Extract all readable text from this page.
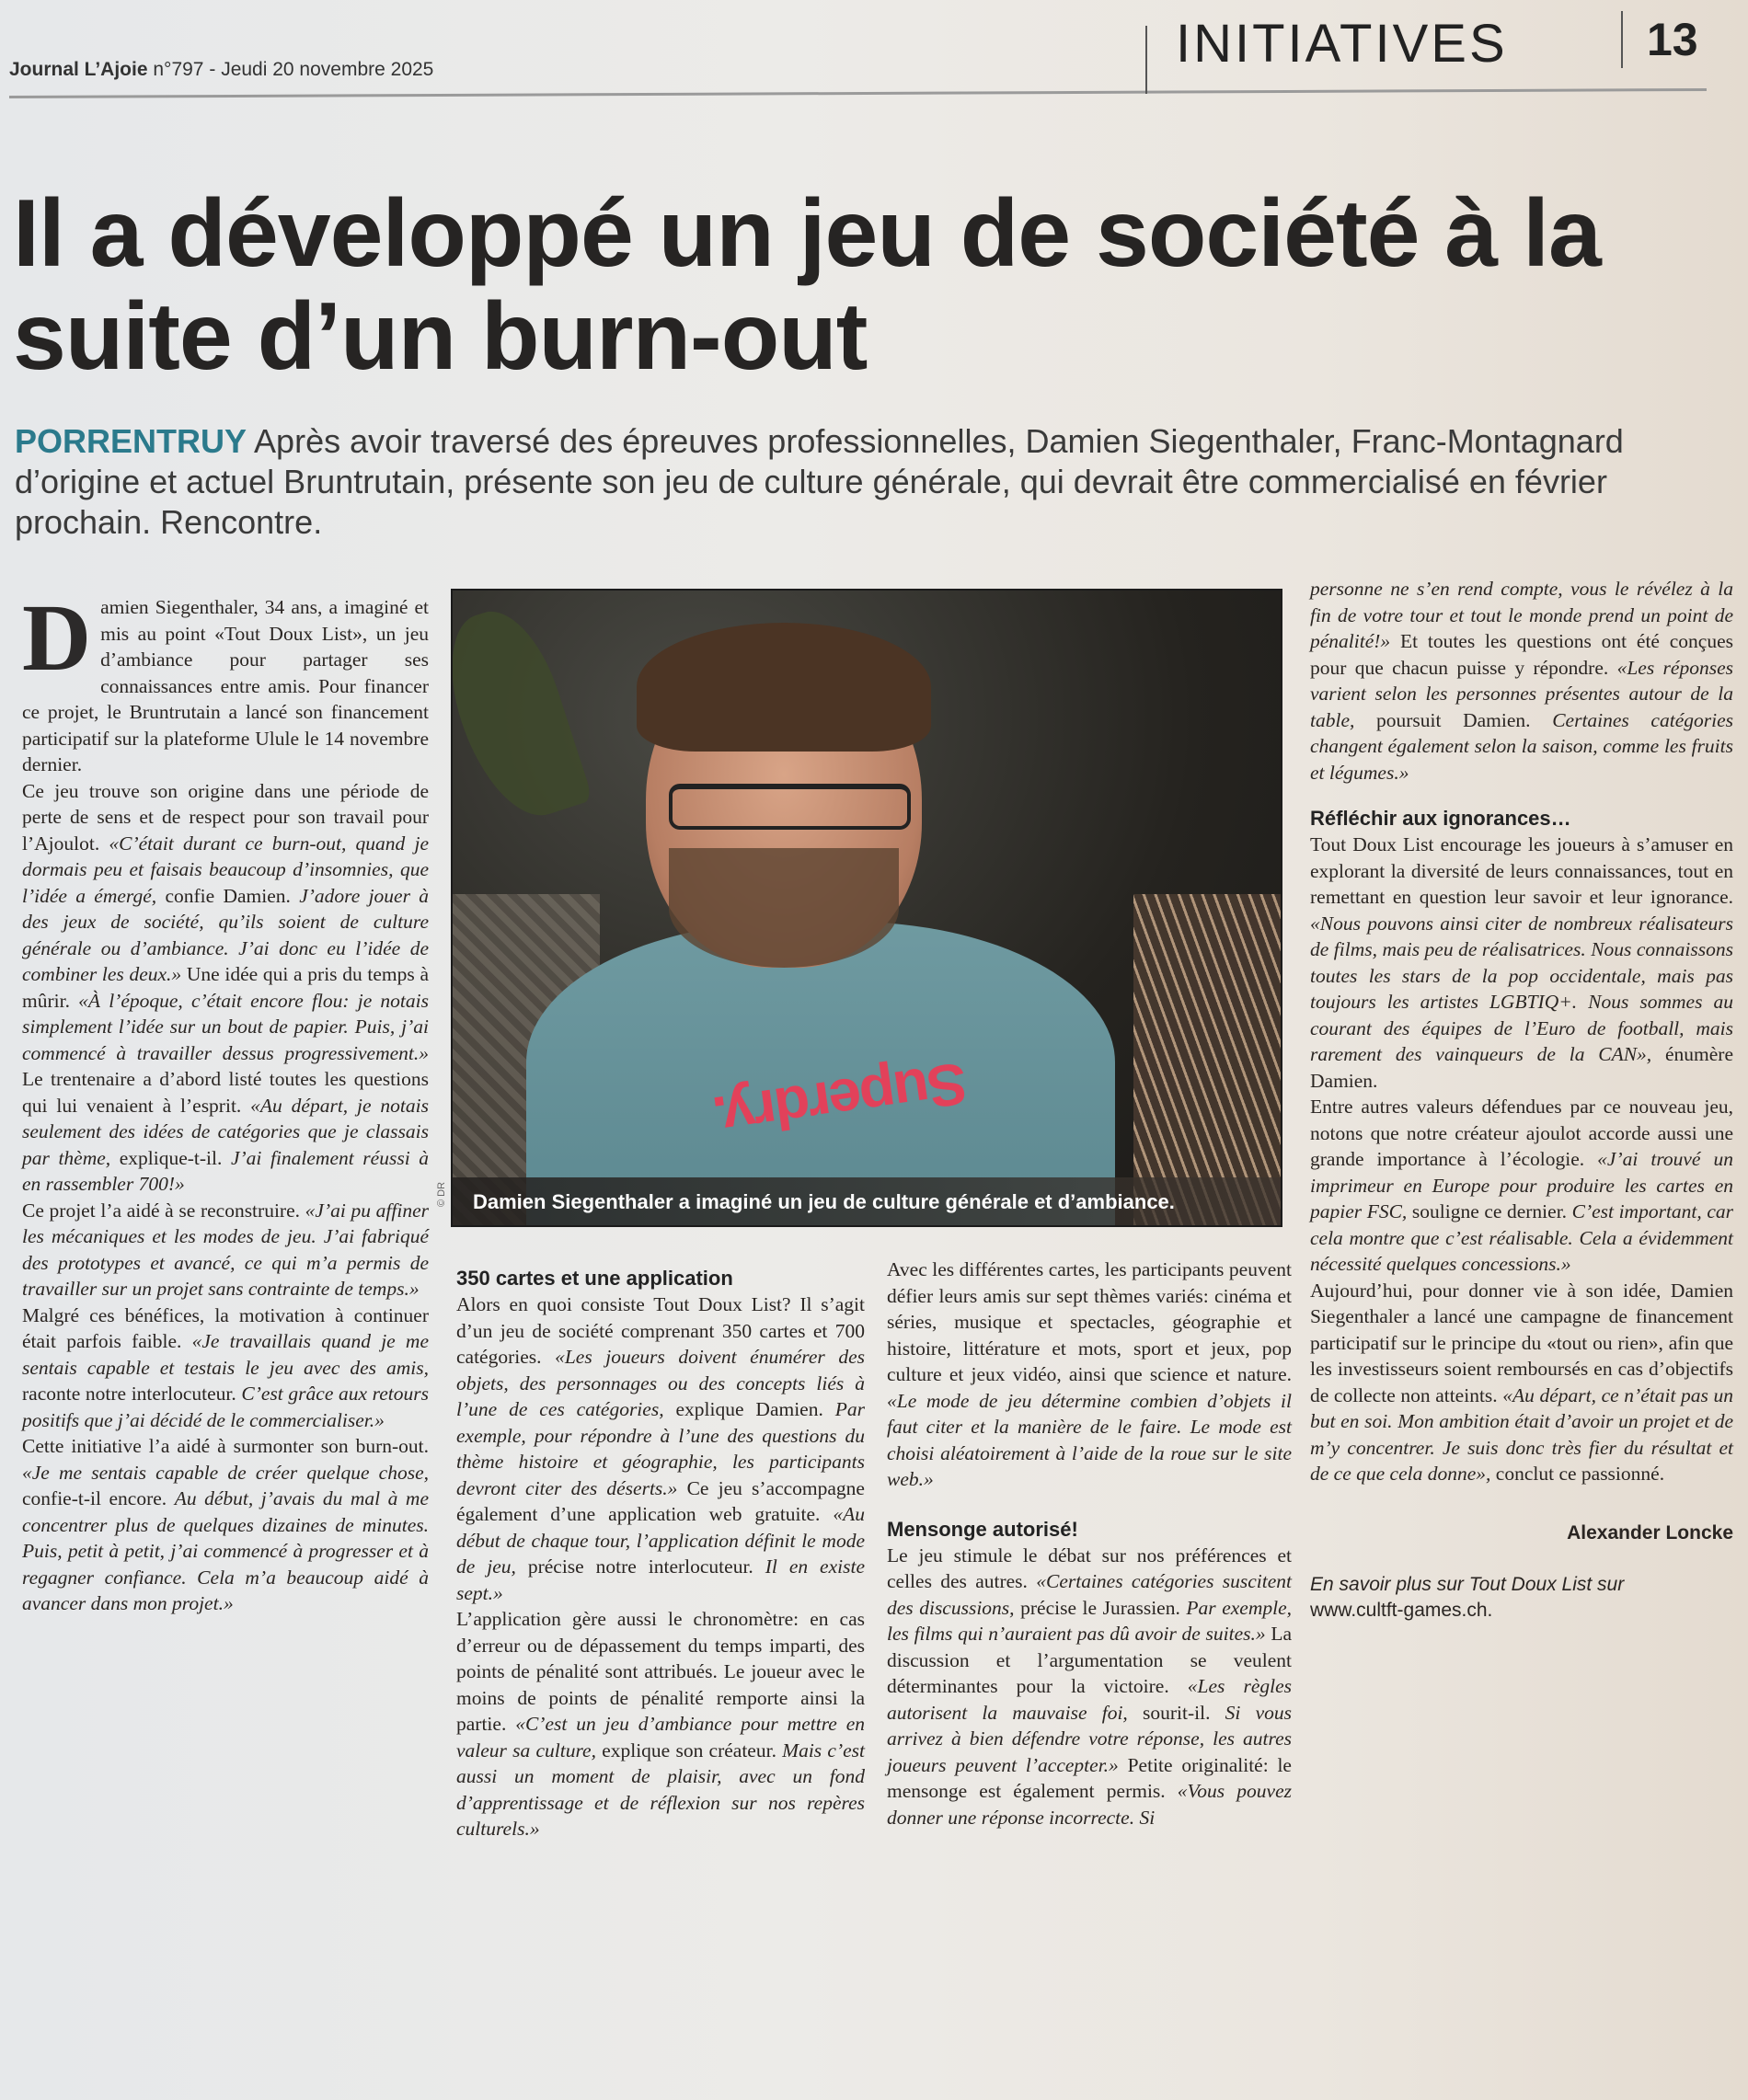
Journal L’Ajoie n°797 - Jeudi 20 novembre 2025	INITIATIVES	13
Il a développé un jeu de société à la suite d’un burn-out

PORRENTRUY Après avoir traversé des épreuves professionnelles, Damien Siegenthaler, Franc-Montagnard d’origine et actuel Bruntrutain, présente son jeu de culture générale, qui devrait être commercialisé en février prochain. Rencontre.

Damien Siegenthaler, 34 ans, a imaginé et mis au point «Tout Doux List», un jeu d’ambiance pour partager ses connaissances entre amis. Pour financer ce projet, le Bruntrutain a lancé son financement participatif sur la plateforme Ulule le 14 novembre dernier.

Ce jeu trouve son origine dans une période de perte de sens et de respect pour son travail pour l’Ajoulot. «C’était durant ce burn-out, quand je dormais peu et faisais beaucoup d’insomnies, que l’idée a émergé, confie Damien. J’adore jouer à des jeux de société, qu’ils soient de culture générale ou d’ambiance. J’ai donc eu l’idée de combiner les deux.» Une idée qui a pris du temps à mûrir. «À l’époque, c’était encore flou: je notais simplement l’idée sur un bout de papier. Puis, j’ai commencé à travailler dessus progressivement.» Le trentenaire a d’abord listé toutes les questions qui lui venaient à l’esprit. «Au départ, je notais seulement des idées de catégories que je classais par thème, explique-t-il. J’ai finalement réussi à en rassembler 700!»

Ce projet l’a aidé à se reconstruire. «J’ai pu affiner les mécaniques et les modes de jeu. J’ai fabriqué des prototypes et avancé, ce qui m’a permis de travailler sur un projet sans contrainte de temps.»

Malgré ces bénéfices, la motivation à continuer était parfois faible. «Je travaillais quand je me sentais capable et testais le jeu avec des amis, raconte notre interlocuteur. C’est grâce aux retours positifs que j’ai décidé de le commercialiser.»

Cette initiative l’a aidé à surmonter son burn-out. «Je me sentais capable de créer quelque chose, confie-t-il encore. Au début, j’avais du mal à me concentrer plus de quelques dizaines de minutes. Puis, petit à petit, j’ai commencé à progresser et à regagner confiance. Cela m’a beaucoup aidé à avancer dans mon projet.»

Superdry.
Damien Siegenthaler a imaginé un jeu de culture générale et d’ambiance.
© DR
350 cartes et une application

Alors en quoi consiste Tout Doux List? Il s’agit d’un jeu de société comprenant 350 cartes et 700 catégories. «Les joueurs doivent énumérer des objets, des personnages ou des concepts liés à l’une de ces catégories, explique Damien. Par exemple, pour répondre à l’une des questions du thème histoire et géographie, les participants devront citer des déserts.» Ce jeu s’accompagne également d’une application web gratuite. «Au début de chaque tour, l’application définit le mode de jeu, précise notre interlocuteur. Il en existe sept.»

L’application gère aussi le chronomètre: en cas d’erreur ou de dépassement du temps imparti, des points de pénalité sont attribués. Le joueur avec le moins de points de pénalité remporte ainsi la partie. «C’est un jeu d’ambiance pour mettre en valeur sa culture, explique son créateur. Mais c’est aussi un moment de plaisir, avec un fond d’apprentissage et de réflexion sur nos repères culturels.»

Avec les différentes cartes, les participants peuvent défier leurs amis sur sept thèmes variés: cinéma et séries, musique et spectacles, géographie et histoire, littérature et mots, sport et jeux, pop culture et jeux vidéo, ainsi que science et nature. «Le mode de jeu détermine combien d’objets il faut citer et la manière de le faire. Le mode est choisi aléatoirement à l’aide de la roue sur le site web.»

Mensonge autorisé!

Le jeu stimule le débat sur nos préférences et celles des autres. «Certaines catégories suscitent des discussions, précise le Jurassien. Par exemple, les films qui n’auraient pas dû avoir de suites.» La discussion et l’argumentation se veulent déterminantes pour la victoire. «Les règles autorisent la mauvaise foi, sourit-il. Si vous arrivez à bien défendre votre réponse, les autres joueurs peuvent l’accepter.» Petite originalité: le mensonge est également permis. «Vous pouvez donner une réponse incorrecte. Si

personne ne s’en rend compte, vous le révélez à la fin de votre tour et tout le monde prend un point de pénalité!» Et toutes les questions ont été conçues pour que chacun puisse y répondre. «Les réponses varient selon les personnes présentes autour de la table, poursuit Damien. Certaines catégories changent également selon la saison, comme les fruits et légumes.»

Réfléchir aux ignorances…

Tout Doux List encourage les joueurs à s’amuser en explorant la diversité de leurs connaissances, tout en remettant en question leur savoir et leur ignorance. «Nous pouvons ainsi citer de nombreux réalisateurs de films, mais peu de réalisatrices. Nous connaissons toutes les stars de la pop occidentale, mais pas toujours les artistes LGBTIQ+. Nous sommes au courant des équipes de l’Euro de football, mais rarement des vainqueurs de la CAN», énumère Damien.

Entre autres valeurs défendues par ce nouveau jeu, notons que notre créateur ajoulot accorde aussi une grande importance à l’écologie. «J’ai trouvé un imprimeur en Europe pour produire les cartes en papier FSC, souligne ce dernier. C’est important, car cela montre que c’est réalisable. Cela a évidemment nécessité quelques concessions.»

Aujourd’hui, pour donner vie à son idée, Damien Siegenthaler a lancé une campagne de financement participatif sur le principe du «tout ou rien», afin que les investisseurs soient remboursés en cas d’objectifs de collecte non atteints. «Au départ, ce n’était pas un but en soi. Mon ambition était d’avoir un projet et de m’y concentrer. Je suis donc très fier du résultat et de ce que cela donne», conclut ce passionné.

Alexander Loncke

En savoir plus sur Tout Doux List sur
www.cultft-games.ch.
